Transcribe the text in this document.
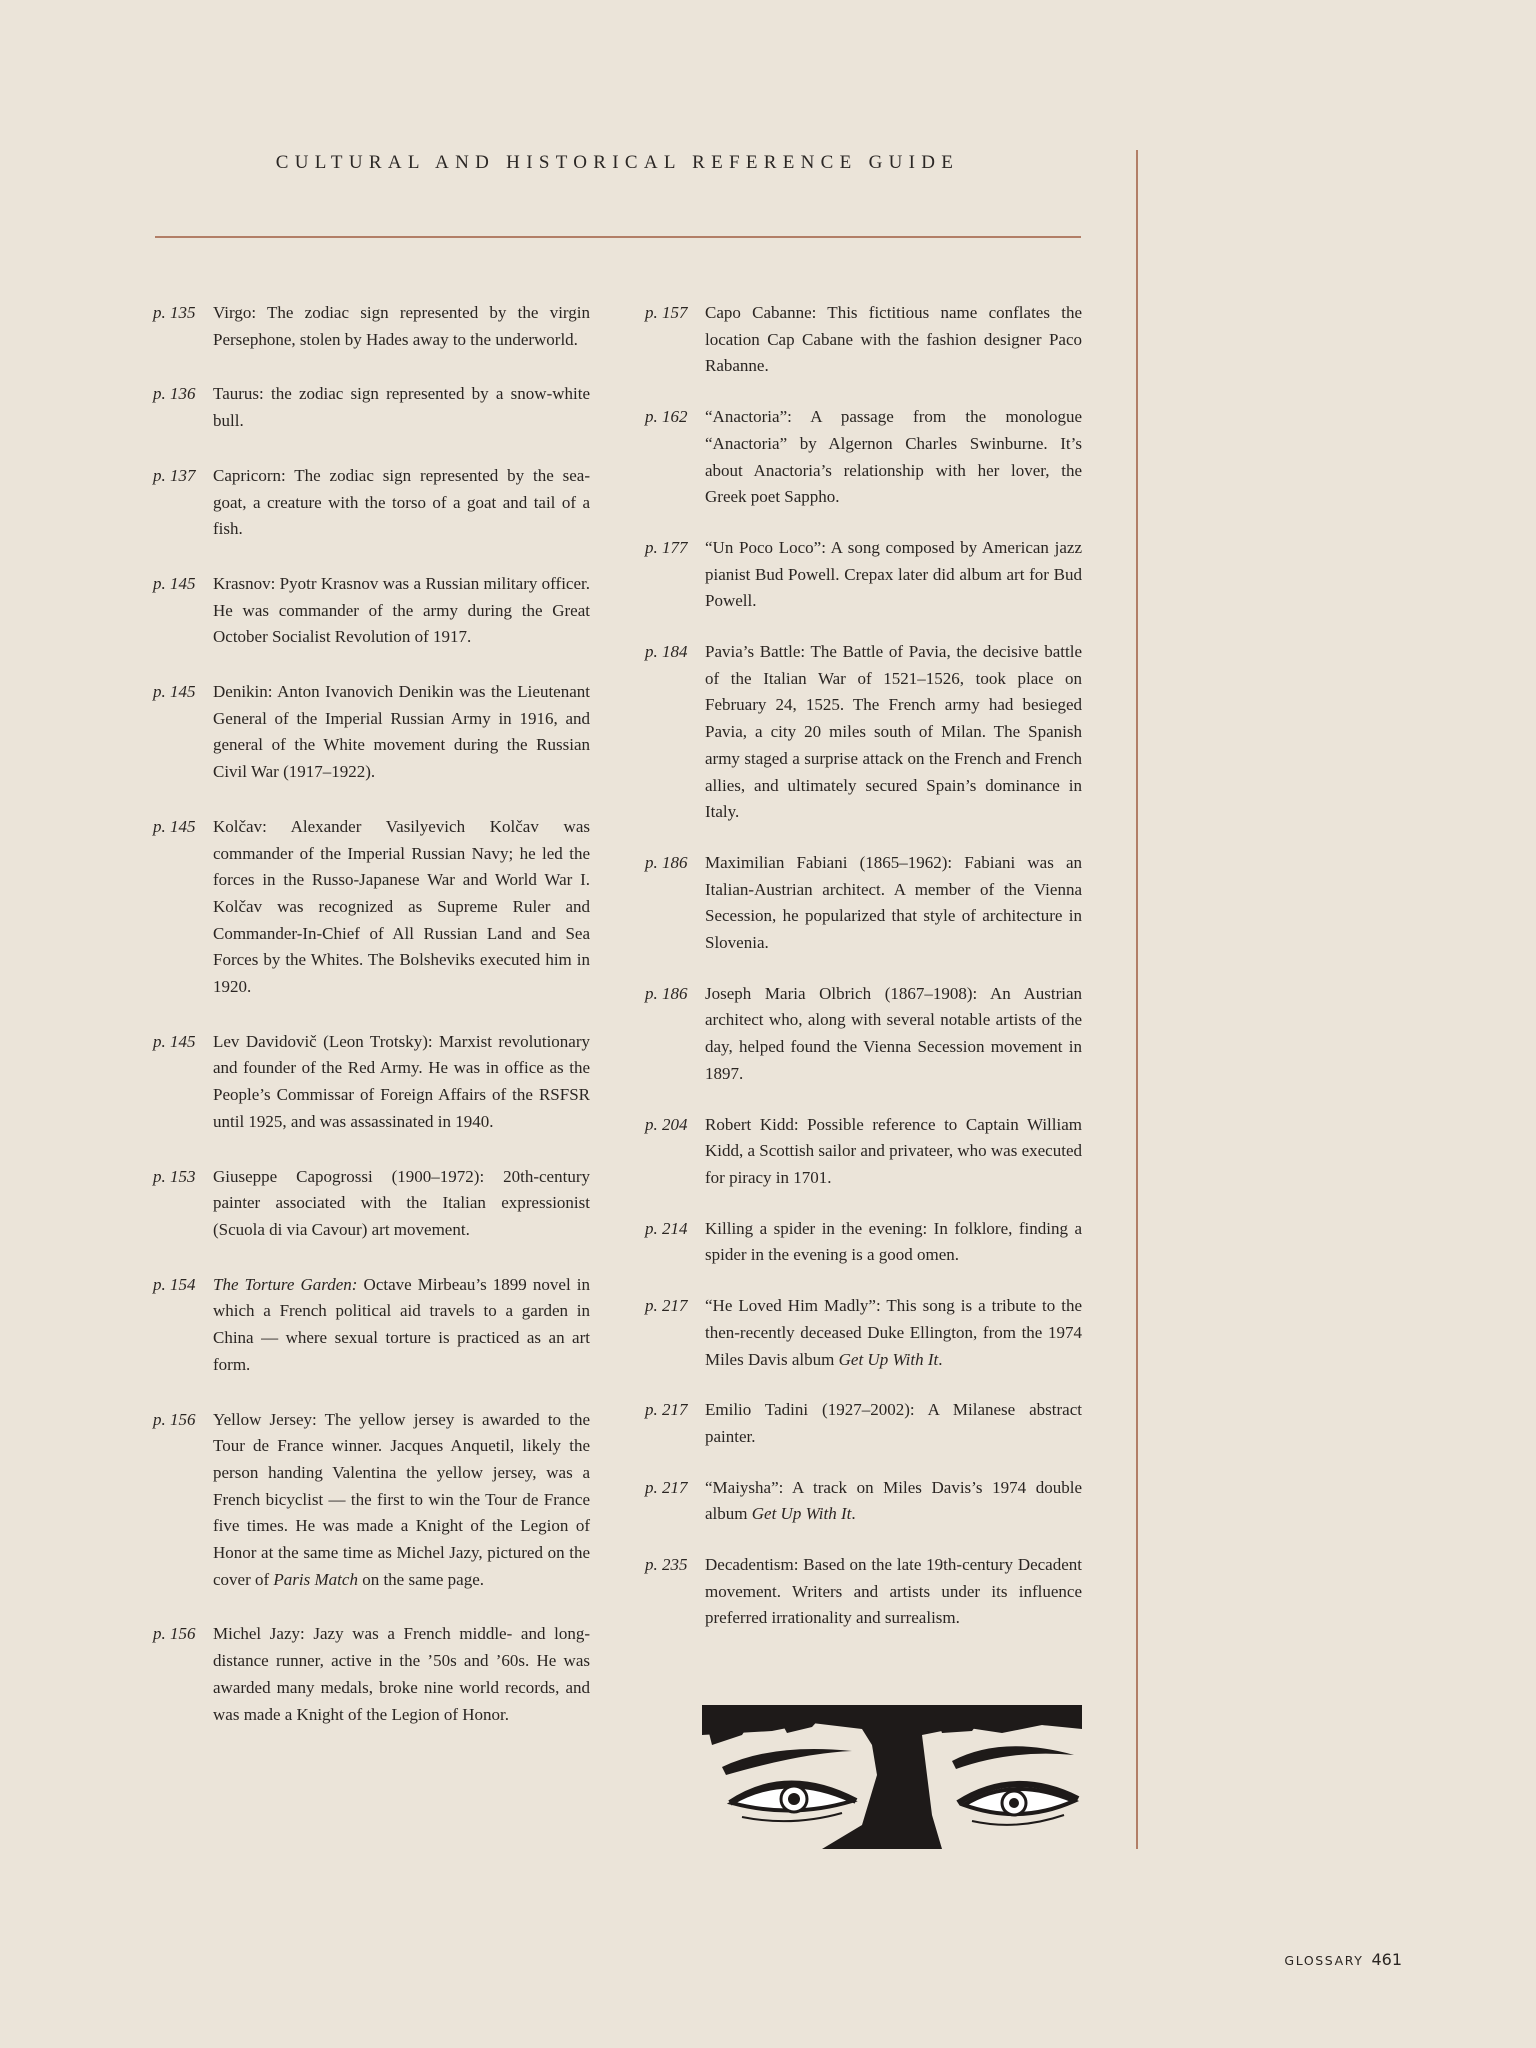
CULTURAL AND HISTORICAL REFERENCE GUIDE
p. 135 Virgo: The zodiac sign represented by the virgin Persephone, stolen by Hades away to the underworld.
p. 136 Taurus: the zodiac sign represented by a snow-white bull.
p. 137 Capricorn: The zodiac sign represented by the sea-goat, a creature with the torso of a goat and tail of a fish.
p. 145 Krasnov: Pyotr Krasnov was a Russian military officer. He was commander of the army during the Great October Socialist Revolution of 1917.
p. 145 Denikin: Anton Ivanovich Denikin was the Lieutenant General of the Imperial Russian Army in 1916, and general of the White movement during the Russian Civil War (1917–1922).
p. 145 Kolčav: Alexander Vasilyevich Kolčav was commander of the Imperial Russian Navy; he led the forces in the Russo-Japanese War and World War I. Kolčav was recognized as Supreme Ruler and Commander-In-Chief of All Russian Land and Sea Forces by the Whites. The Bolsheviks executed him in 1920.
p. 145 Lev Davidovič (Leon Trotsky): Marxist revolutionary and founder of the Red Army. He was in office as the People’s Commissar of Foreign Affairs of the RSFSR until 1925, and was assassinated in 1940.
p. 153 Giuseppe Capogrossi (1900–1972): 20th-century painter associated with the Italian expressionist (Scuola di via Cavour) art movement.
p. 154 The Torture Garden: Octave Mirbeau’s 1899 novel in which a French political aid travels to a garden in China — where sexual torture is practiced as an art form.
p. 156 Yellow Jersey: The yellow jersey is awarded to the Tour de France winner. Jacques Anquetil, likely the person handing Valentina the yellow jersey, was a French bicyclist — the first to win the Tour de France five times. He was made a Knight of the Legion of Honor at the same time as Michel Jazy, pictured on the cover of Paris Match on the same page.
p. 156 Michel Jazy: Jazy was a French middle- and long-distance runner, active in the ’50s and ’60s. He was awarded many medals, broke nine world records, and was made a Knight of the Legion of Honor.
p. 157 Capo Cabanne: This fictitious name conflates the location Cap Cabane with the fashion designer Paco Rabanne.
p. 162 “Anactoria”: A passage from the monologue “Anactoria” by Algernon Charles Swinburne. It’s about Anactoria’s relationship with her lover, the Greek poet Sappho.
p. 177 “Un Poco Loco”: A song composed by American jazz pianist Bud Powell. Crepax later did album art for Bud Powell.
p. 184 Pavia’s Battle: The Battle of Pavia, the decisive battle of the Italian War of 1521–1526, took place on February 24, 1525. The French army had besieged Pavia, a city 20 miles south of Milan. The Spanish army staged a surprise attack on the French and French allies, and ultimately secured Spain’s dominance in Italy.
p. 186 Maximilian Fabiani (1865–1962): Fabiani was an Italian-Austrian architect. A member of the Vienna Secession, he popularized that style of architecture in Slovenia.
p. 186 Joseph Maria Olbrich (1867–1908): An Austrian architect who, along with several notable artists of the day, helped found the Vienna Secession movement in 1897.
p. 204 Robert Kidd: Possible reference to Captain William Kidd, a Scottish sailor and privateer, who was executed for piracy in 1701.
p. 214 Killing a spider in the evening: In folklore, finding a spider in the evening is a good omen.
p. 217 “He Loved Him Madly”: This song is a tribute to the then-recently deceased Duke Ellington, from the 1974 Miles Davis album Get Up With It.
p. 217 Emilio Tadini (1927–2002): A Milanese abstract painter.
p. 217 “Maiysha”: A track on Miles Davis’s 1974 double album Get Up With It.
p. 235 Decadentism: Based on the late 19th-century Decadent movement. Writers and artists under its influence preferred irrationality and surrealism.
GLOSSARY 461
